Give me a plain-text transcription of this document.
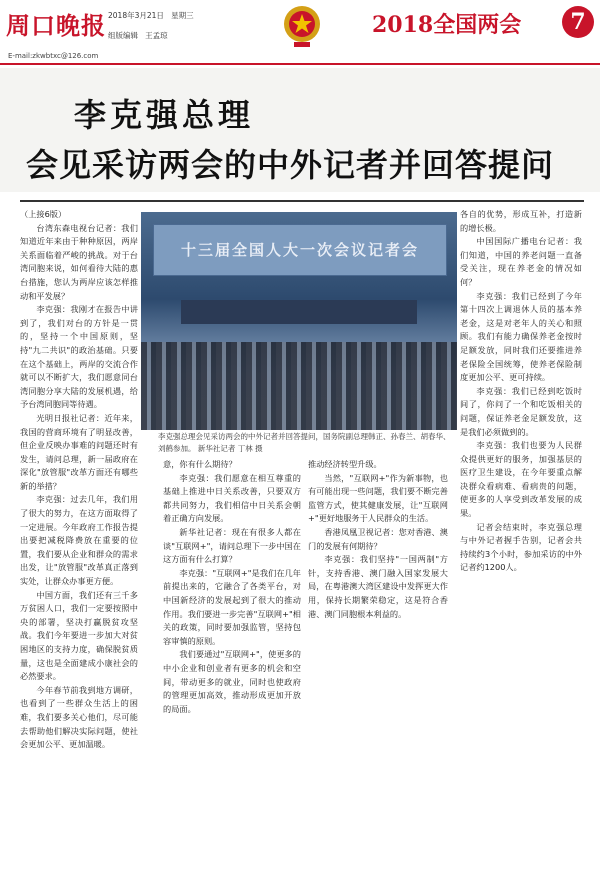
周口晚报
E-mail:zkwbtxc@126.com
2018年3月21日 星期三
组版编辑 王孟琼	2018全国两会	7
李克强总理
会见采访两会的中外记者并回答提问
十三届全国人大一次会议记者会
李克强总理会见采访两会的中外记者并回答提问，国务院副总理韩正、孙春兰、胡春华、刘鹤参加。 新华社记者 丁林 摄

（上接6版）

台湾东森电视台记者：我们知道近年来由于种种原因，两岸关系面临着严峻的挑战。对于台湾同胞来说，如何看待大陆的惠台措施，您认为两岸应该怎样推动和平发展？

李克强：我刚才在报告中讲到了，我们对台的方针是一贯的，坚持一个中国原则，坚持"九二共识"的政治基础。只要在这个基础上，两岸的交流合作就可以不断扩大，我们愿意同台湾同胞分享大陆的发展机遇，给予台湾同胞同等待遇。

光明日报社记者：近年来，我国的营商环境有了明显改善，但企业反映办事难的问题还时有发生，请问总理，新一届政府在深化"放管服"改革方面还有哪些新的举措？

李克强：过去几年，我们用了很大的努力，在这方面取得了一定进展。今年政府工作报告提出要把减税降费放在重要的位置，我们要从企业和群众的需求出发，让"放管服"改革真正落到实处，让群众办事更方便。

中国方面，我们还有三千多万贫困人口，我们一定要按照中央的部署，坚决打赢脱贫攻坚战。我们今年要进一步加大对贫困地区的支持力度，确保脱贫质量，这也是全面建成小康社会的必然要求。

今年春节前我到地方调研，也看到了一些群众生活上的困难，我们要多关心他们，尽可能去帮助他们解决实际问题，使社会更加公平、更加温暖。

意，你有什么期待？

李克强：我们愿意在相互尊重的基础上推进中日关系改善，只要双方都共同努力，我们相信中日关系会朝着正确方向发展。

新华社记者：现在有很多人都在谈"互联网+"，请问总理下一步中国在这方面有什么打算？

李克强："互联网+"是我们在几年前提出来的，它融合了各类平台，对中国新经济的发展起到了很大的推动作用。我们要进一步完善"互联网+"相关的政策，同时要加强监管，坚持包容审慎的原则。

我们要通过"互联网+"，使更多的中小企业和创业者有更多的机会和空间，带动更多的就业，同时也使政府的管理更加高效，推动形成更加开放的局面。

推动经济转型升级。

当然，"互联网+"作为新事物，也有可能出现一些问题，我们要不断完善监管方式，使其健康发展，让"互联网+"更好地服务于人民群众的生活。

香港凤凰卫视记者：您对香港、澳门的发展有何期待？

李克强：我们坚持"一国两制"方针，支持香港、澳门融入国家发展大局，在粤港澳大湾区建设中发挥更大作用，保持长期繁荣稳定，这是符合香港、澳门同胞根本利益的。

各自的优势，形成互补，打造新的增长极。

中国国际广播电台记者：我们知道，中国的养老问题一直备受关注，现在养老金的情况如何？

李克强：我们已经到了今年第十四次上调退休人员的基本养老金，这是对老年人的关心和照顾。我们有能力确保养老金按时足额发放，同时我们还要推进养老保险全国统筹，使养老保险制度更加公平、更可持续。

李克强：我们已经到吃饭时间了，你问了一个和吃饭相关的问题，保证养老金足额发放，这是我们必须做到的。

李克强：我们也要为人民群众提供更好的服务，加强基层的医疗卫生建设，在今年要重点解决群众看病难、看病贵的问题，使更多的人享受到改革发展的成果。

记者会结束时，李克强总理与中外记者握手告别，记者会共持续约3个小时，参加采访的中外记者约1200人。
